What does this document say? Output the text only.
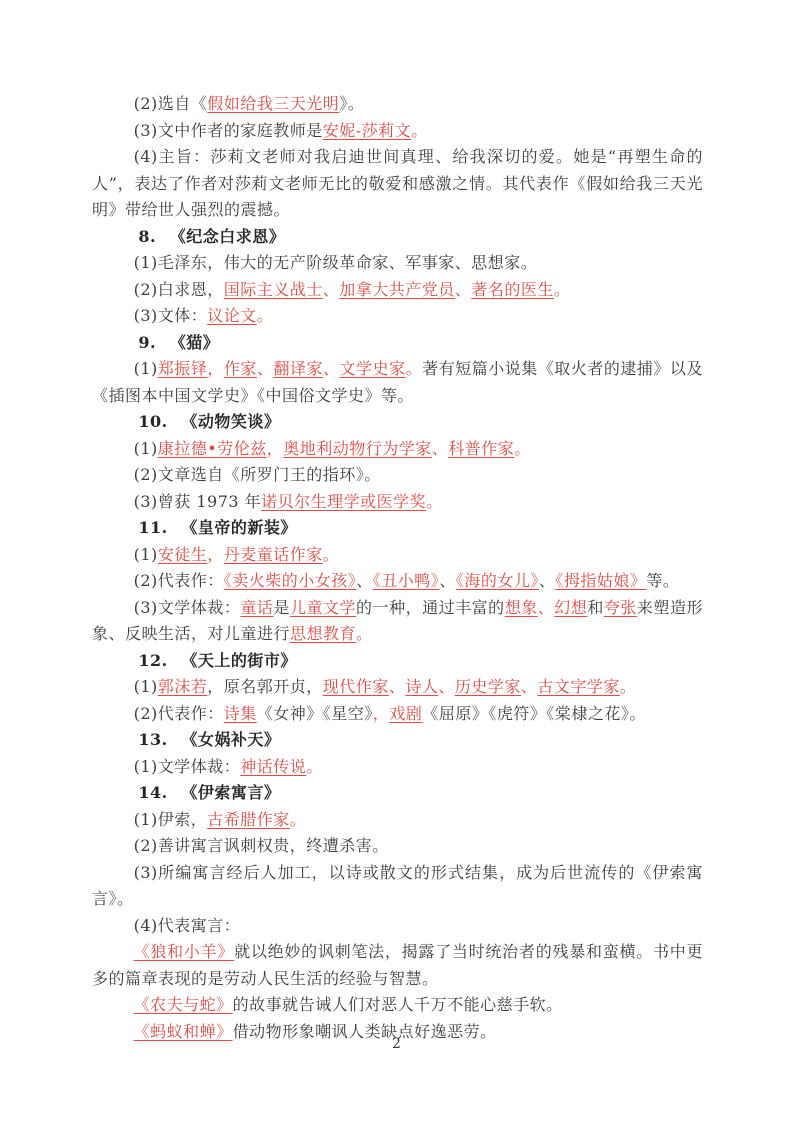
(2)选自《假如给我三天光明》。

(3)文中作者的家庭教师是安妮-莎莉文。

(4)主旨：莎莉文老师对我启迪世间真理、给我深切的爱。她是“再塑生命的人”，表达了作者对莎莉文老师无比的敬爱和感激之情。其代表作《假如给我三天光明》带给世人强烈的震撼。

8. 《纪念白求恩》

(1)毛泽东，伟大的无产阶级革命家、军事家、思想家。

(2)白求恩，国际主义战士、加拿大共产党员、著名的医生。

(3)文体：议论文。

9. 《猫》

(1)郑振铎，作家、翻译家、文学史家。著有短篇小说集《取火者的逮捕》以及《插图本中国文学史》《中国俗文学史》等。

10. 《动物笑谈》

(1)康拉德•劳伦兹，奥地利动物行为学家、科普作家。

(2)文章选自《所罗门王的指环》。

(3)曾获 1973 年诺贝尔生理学或医学奖。

11. 《皇帝的新装》

(1)安徒生，丹麦童话作家。

(2)代表作：《卖火柴的小女孩》、《丑小鸭》、《海的女儿》、《拇指姑娘》等。

(3)文学体裁：童话是儿童文学的一种，通过丰富的想象、幻想和夸张来塑造形象、反映生活，对儿童进行思想教育。

12. 《天上的街市》

(1)郭沫若，原名郭开贞，现代作家、诗人、历史学家、古文字学家。

(2)代表作：诗集《女神》《星空》，戏剧《屈原》《虎符》《棠棣之花》。

13. 《女娲补天》

(1)文学体裁：神话传说。

14. 《伊索寓言》

(1)伊索，古希腊作家。

(2)善讲寓言讽刺权贵，终遭杀害。

(3)所编寓言经后人加工，以诗或散文的形式结集，成为后世流传的《伊索寓言》。

(4)代表寓言：

《狼和小羊》就以绝妙的讽刺笔法，揭露了当时统治者的残暴和蛮横。书中更多的篇章表现的是劳动人民生活的经验与智慧。

《农夫与蛇》的故事就告诫人们对恶人千万不能心慈手软。

《蚂蚁和蝉》借动物形象嘲讽人类缺点好逸恶劳。

2
